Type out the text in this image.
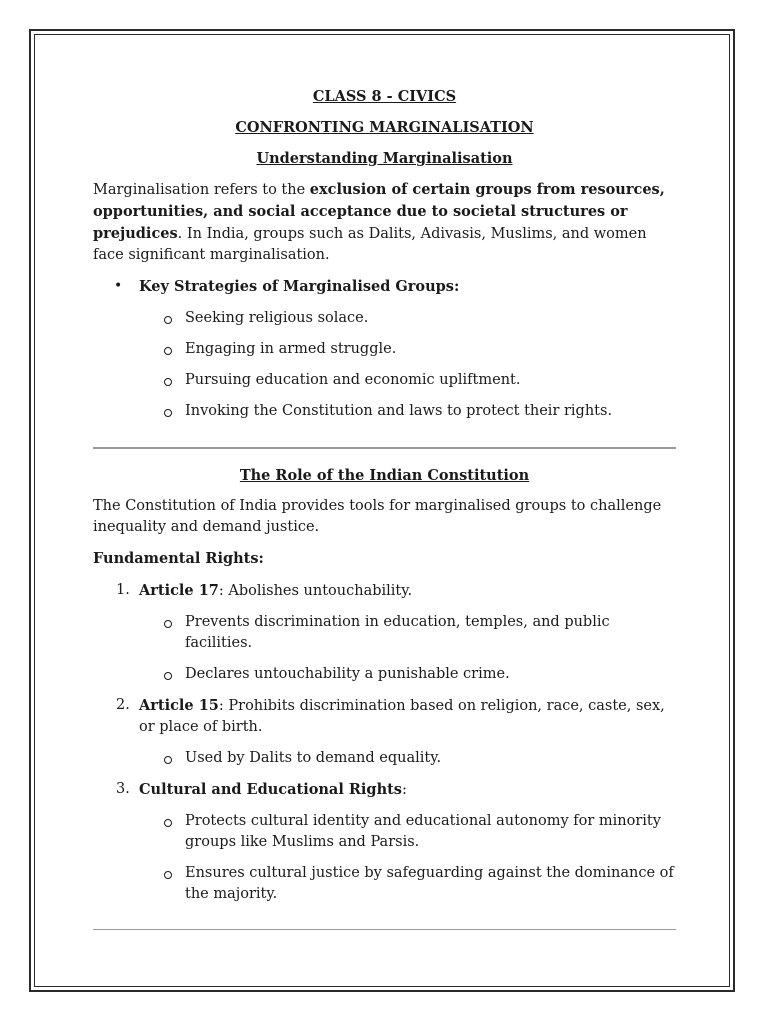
CLASS 8 - CIVICS
CONFRONTING MARGINALISATION
Understanding Marginalisation

Marginalisation refers to the exclusion of certain groups from resources, opportunities, and social acceptance due to societal structures or prejudices. In India, groups such as Dalits, Adivasis, Muslims, and women face significant marginalisation.

• Key Strategies of Marginalised Groups:
Seeking religious solace.
Engaging in armed struggle.
Pursuing education and economic upliftment.
Invoking the Constitution and laws to protect their rights.
The Role of the Indian Constitution

The Constitution of India provides tools for marginalised groups to challenge inequality and demand justice.

Fundamental Rights:

1. Article 17: Abolishes untouchability.
Prevents discrimination in education, temples, and public facilities.
Declares untouchability a punishable crime.
2. Article 15: Prohibits discrimination based on religion, race, caste, sex, or place of birth.
Used by Dalits to demand equality.
3. Cultural and Educational Rights:
Protects cultural identity and educational autonomy for minority groups like Muslims and Parsis.
Ensures cultural justice by safeguarding against the dominance of the majority.
